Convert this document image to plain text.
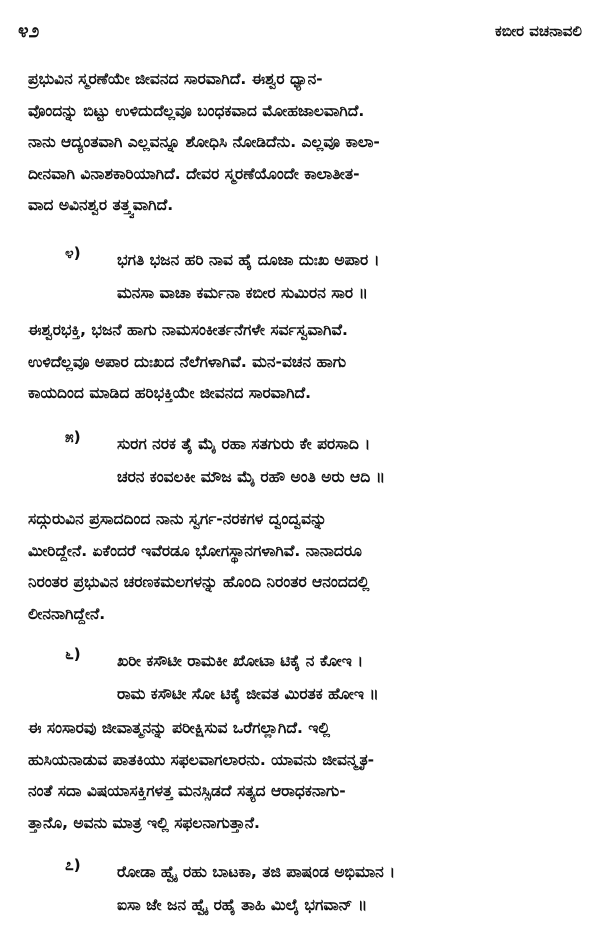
೪೨	ಕಬೀರ ವಚನಾವಲಿ

ಪ್ರಭುವಿನ ಸ್ಮರಣೆಯೇ ಜೀವನದ ಸಾರವಾಗಿದೆ. ಈಶ್ವರ ಧ್ಯಾನ-
ವೊಂದನ್ನು ಬಿಟ್ಟು ಉಳಿದುದೆಲ್ಲವೂ ಬಂಧಕವಾದ ಮೋಹಜಾಲವಾಗಿದೆ.
ನಾನು ಆದ್ಯಂತವಾಗಿ ಎಲ್ಲವನ್ನೂ ಶೋಧಿಸಿ ನೋಡಿದೆನು. ಎಲ್ಲವೂ ಕಾಲಾ-
ದೀನವಾಗಿ ವಿನಾಶಕಾರಿಯಾಗಿದೆ. ದೇವರ ಸ್ಮರಣೆಯೊಂದೇ ಕಾಲಾತೀತ-
ವಾದ ಅವಿನಶ್ವರ ತತ್ತ್ವವಾಗಿದೆ.

೪)	ಭಗತಿ ಭಜನ ಹರಿ ನಾವ ಹೈ ದೂಜಾ ದುಃಖ ಅಪಾರ ।
ಮನಸಾ ವಾಚಾ ಕರ್ಮನಾ ಕಬೀರ ಸುಮಿರನ ಸಾರ ॥

ಈಶ್ವರಭಕ್ತಿ, ಭಜನೆ ಹಾಗು ನಾಮಸಂಕೀರ್ತನೆಗಳೇ ಸರ್ವಸ್ವವಾಗಿವೆ.
ಉಳಿದೆಲ್ಲವೂ ಅಪಾರ ದುಃಖದ ನೆಲೆಗಳಾಗಿವೆ. ಮನ-ವಚನ ಹಾಗು
ಕಾಯದಿಂದ ಮಾಡಿದ ಹರಿಭಕ್ತಿಯೇ ಜೀವನದ ಸಾರವಾಗಿದೆ.

೫)	ಸುರಗ ನರಕ ತೈ ಮೈ ರಹಾ ಸತಗುರು ಕೇ ಪರಸಾದಿ ।
ಚರನ ಕಂವಲಕೀ ಮೌಜ ಮೈ ರಹೌ ಅಂತಿ ಅರು ಆದಿ ॥

ಸದ್ಗುರುವಿನ ಪ್ರಸಾದದಿಂದ ನಾನು ಸ್ವರ್ಗ-ನರಕಗಳ ದ್ವಂದ್ವವನ್ನು
ಮೀರಿದ್ದೇನೆ. ಏಕೆಂದರೆ ಇವೆರಡೂ ಭೋಗಸ್ಥಾನಗಳಾಗಿವೆ. ನಾನಾದರೂ
ನಿರಂತರ ಪ್ರಭುವಿನ ಚರಣಕಮಲಗಳನ್ನು ಹೊಂದಿ ನಿರಂತರ ಆನಂದದಲ್ಲಿ
ಲೀನನಾಗಿದ್ದೇನೆ.

೬)	ಖರೀ ಕಸೌಟೀ ರಾಮಕೀ ಖೋಟಾ ಟಿಕೈ ನ ಕೋಇ ।
ರಾಮ ಕಸೌಟೀ ಸೋ ಟಿಕೈ ಜೀವತ ಮಿರತಕ ಹೋಇ ॥

ಈ ಸಂಸಾರವು ಜೀವಾತ್ಮನನ್ನು ಪರೀಕ್ಷಿಸುವ ಒರೆಗಲ್ಲಾಗಿದೆ. ಇಲ್ಲಿ
ಹುಸಿಯನಾಡುವ ಪಾತಕಿಯು ಸಫಲವಾಗಲಾರನು. ಯಾವನು ಜೀವನ್ಮೃತ-
ನಂತೆ ಸದಾ ವಿಷಯಾಸಕ್ತಿಗಳತ್ತ ಮನಸ್ಸಿಡದೆ ಸತ್ಯದ ಆರಾಧಕನಾಗು-
ತ್ತಾನೊ, ಅವನು ಮಾತ್ರ ಇಲ್ಲಿ ಸಫಲನಾಗುತ್ತಾನೆ.

೭)	ರೋಡಾ ಹ್ವೈ ರಹು ಬಾಟಕಾ, ತಜಿ ಪಾಷಂಡ ಅಭಿಮಾನ ।
ಐಸಾ ಜೇ ಜನ ಹ್ವೈ ರಹೈ ತಾಹಿ ಮಿಲೈ ಭಗವಾನ್ ॥
